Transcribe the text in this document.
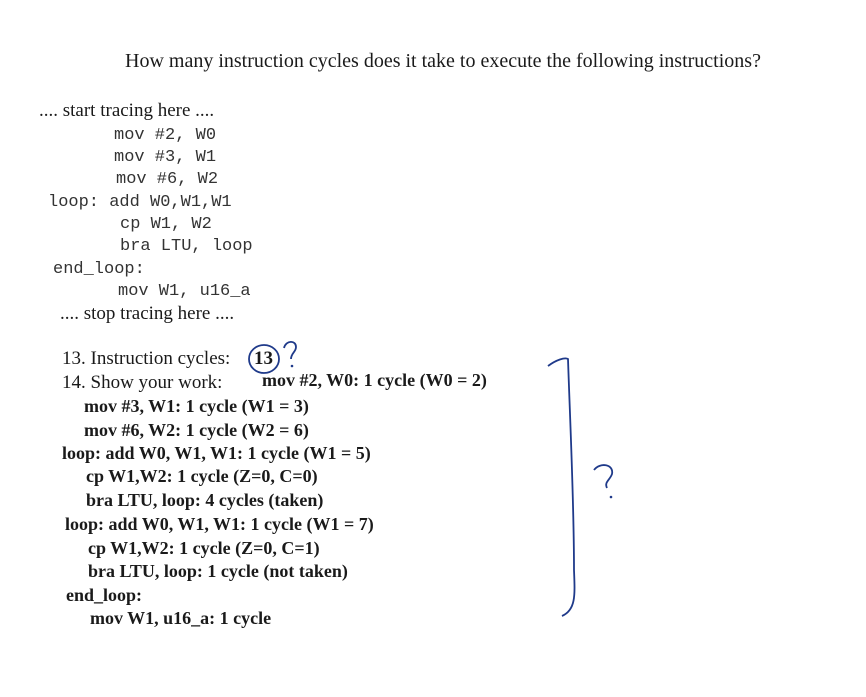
How many instruction cycles does it take to execute the following instructions?
.... start tracing here ....
mov #2, W0
mov #3, W1
mov #6, W2
loop: add W0,W1,W1
cp W1, W2
bra LTU, loop
end_loop:
mov W1, u16_a
.... stop tracing here ....
13. Instruction cycles: 13
14. Show your work: mov #2, W0: 1 cycle (W0 = 2)
mov #3, W1: 1 cycle (W1 = 3)
mov #6, W2: 1 cycle (W2 = 6)
loop: add W0, W1, W1: 1 cycle (W1 = 5)
cp W1,W2: 1 cycle (Z=0, C=0)
bra LTU, loop: 4 cycles (taken)
loop: add W0, W1, W1: 1 cycle (W1 = 7)
cp W1,W2: 1 cycle (Z=0, C=1)
bra LTU, loop: 1 cycle (not taken)
end_loop:
mov W1, u16_a: 1 cycle
